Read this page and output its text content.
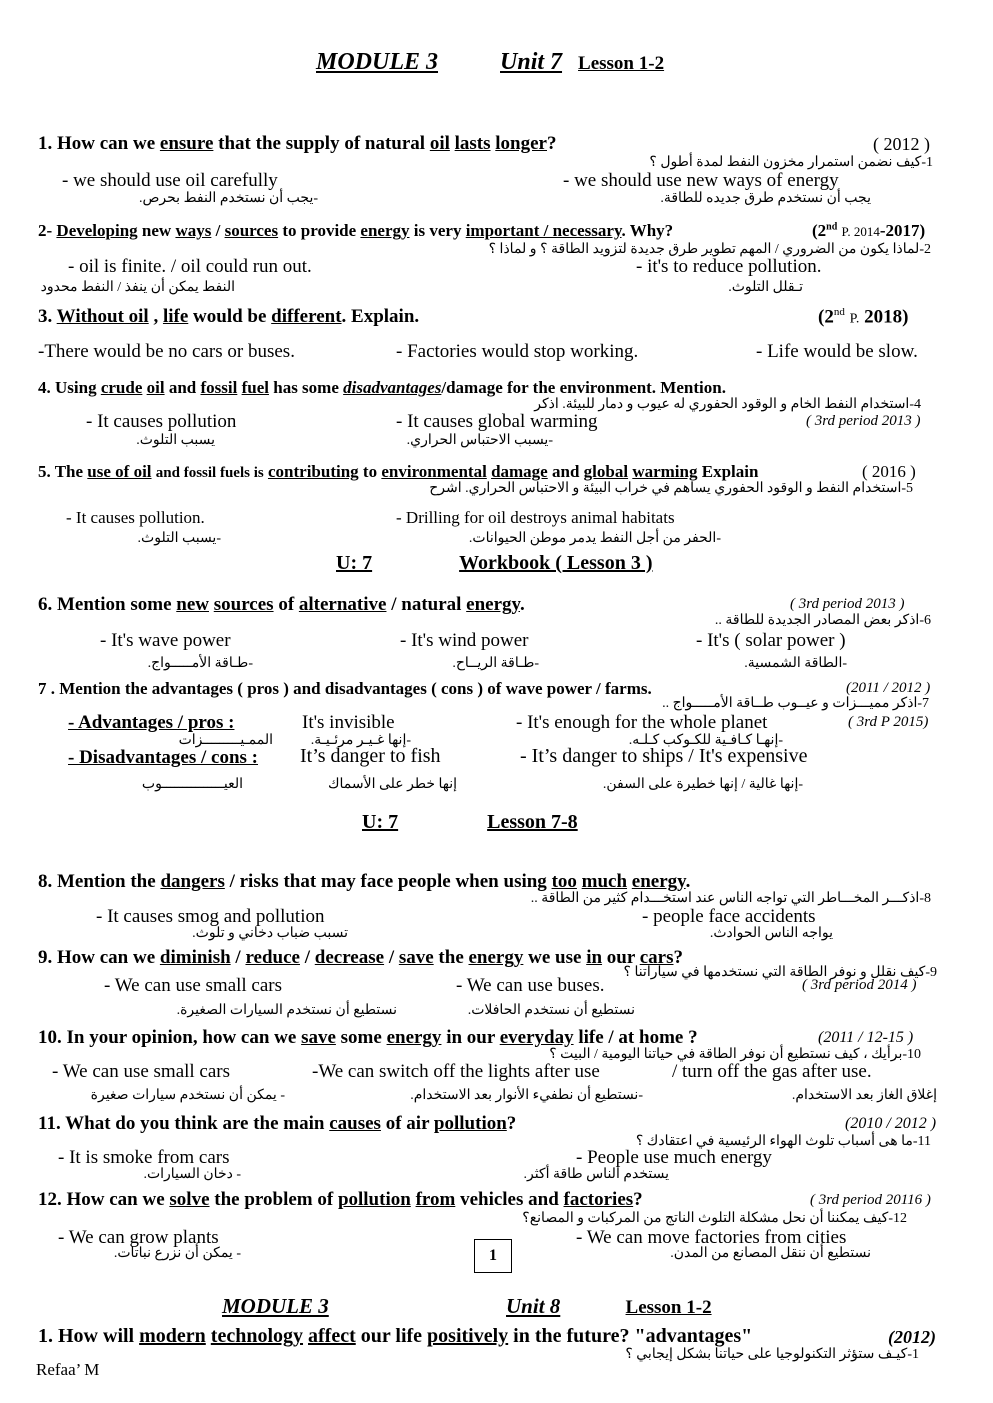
MODULE 3	Unit 7 Lesson 1-2
1. How can we ensure that the supply of natural oil lasts longer?	( 2012 )
1-كيف نضمن استمرار مخزون النفط لمدة أطول ؟
- we should use oil carefully	- we should use new ways of energy
-يجب أن نستخدم النفط بحرص.	يجب أن نستخدم طرق جديده للطاقة.
2- Developing new ways / sources to provide energy is very important / necessary. Why?	(2nd P. 2014-2017)
2-لماذا يكون من الضروري / المهم تطوير طرق جديدة لتزويد الطاقة ؟ و لماذا ؟
- oil is finite. / oil could run out.	- it's to reduce pollution.
النفط يمكن أن ينفذ / النفط محدود	تـقلل التلوث.
3. Without oil , life would be different. Explain.	(2nd P. 2018)
-There would be no cars or buses.	- Factories would stop working.	- Life would be slow.
4. Using crude oil and fossil fuel has some disadvantages/damage for the environment. Mention.
4-استخدام النفط الخام و الوقود الحفوري له عيوب و دمار للبيئة. اذكر
- It causes pollution	- It causes global warming	( 3rd period 2013 )
يسبب التلوث.	-يسبب الاحتباس الحراري.
5. The use of oil and fossil fuels is contributing to environmental damage and global warming Explain	( 2016 )
5-استخدام النفط و الوقود الحفوري يساهم في خراب البيئة و الاحتباس الحراري. اشرح
- It causes pollution.	- Drilling for oil destroys animal habitats
-يسبب التلوث.	-الحفر من أجل النفط يدمر موطن الحيوانات.
U: 7	Workbook ( Lesson 3 )
6. Mention some new sources of alternative / natural energy.	( 3rd period 2013 )
6-اذكر بعض المصادر الجديدة للطاقة ..
- It's wave power	- It's wind power	- It's ( solar power )
-طـاقة الأمـــــواج.	-طـاقة الريــاح.	-الطاقة الشمسية.
7 . Mention the advantages ( pros ) and disadvantages ( cons ) of wave power / farms.	(2011 / 2012 )
7-اذكر مميـــزات و عيــوب طــاقة الأمـــــواج ..
- Advantages / pros :	It's invisible	- It's enough for the whole planet	( 3rd P 2015)
الممـيـــــــــزات	-إنها غـيـر مرئـيـة.	-إنهـا كـافـية للكـوكب كـلـه.
- Disadvantages / cons : It’s danger to fish	- It’s danger to ships / It's expensive
العيـــــــــــــــوب	إنها خطر على الأسماك	-إنها غالية / إنها خطيرة على السفن.
U: 7	Lesson 7-8
8. Mention the dangers / risks that may face people when using too much energy.
8-اذكـــر المخـــاطر التي تواجه الناس عند استخـــدام كثير من الطاقة ..
- It causes smog and pollution	- people face accidents
تسبب ضباب دخاني و تلوث.	يواجه الناس الحوادث.
9. How can we diminish / reduce / decrease / save the energy we use in our cars?
9-كيف نقلل و نوفر الطاقة التي نستخدمها في سياراتنا ؟
- We can use small cars	- We can use buses.	( 3rd period 2014 )
نستطيع أن نستخدم السيارات الصغيرة.	نستطيع أن نستخدم الحافلات.
10. In your opinion, how can we save some energy in our everyday life / at home ?	(2011 / 12-15 )
10-برأيك ، كيف نستطيع أن نوفر الطاقة في حياتنا اليومية / البيت ؟
- We can use small cars	-We can switch off the lights after use	/ turn off the gas after use.
- يمكن أن نستخدم سيارات صغيرة	-نستطيع أن نطفيء الأنوار بعد الاستخدام.	إغلاق الغاز بعد الاستخدام.
11. What do you think are the main causes of air pollution?	(2010 / 2012 )
11-ما هى أسباب تلوث الهواء الرئيسية في اعتقادك ؟
- It is smoke from cars	- People use much energy
- دخان السيارات.	يستخدم الناس طاقة أكثر.
12. How can we solve the problem of pollution from vehicles and factories?	( 3rd period 20116 )
12-كيف يمكننا أن نحل مشكلة التلوث الناتج من المركبات و المصانع؟
- We can grow plants	- We can move factories from cities
- يمكن أن نزرع نباتات.	نستطيع أن ننقل المصانع من المدن.
1
MODULE 3	Unit 8	Lesson 1-2
1. How will modern technology affect our life positively in the future? "advantages"	(2012)
1-كيـف ستؤثر التكنولوجيا على حياتنا بشكل إيجابي ؟
Refaa’ M
